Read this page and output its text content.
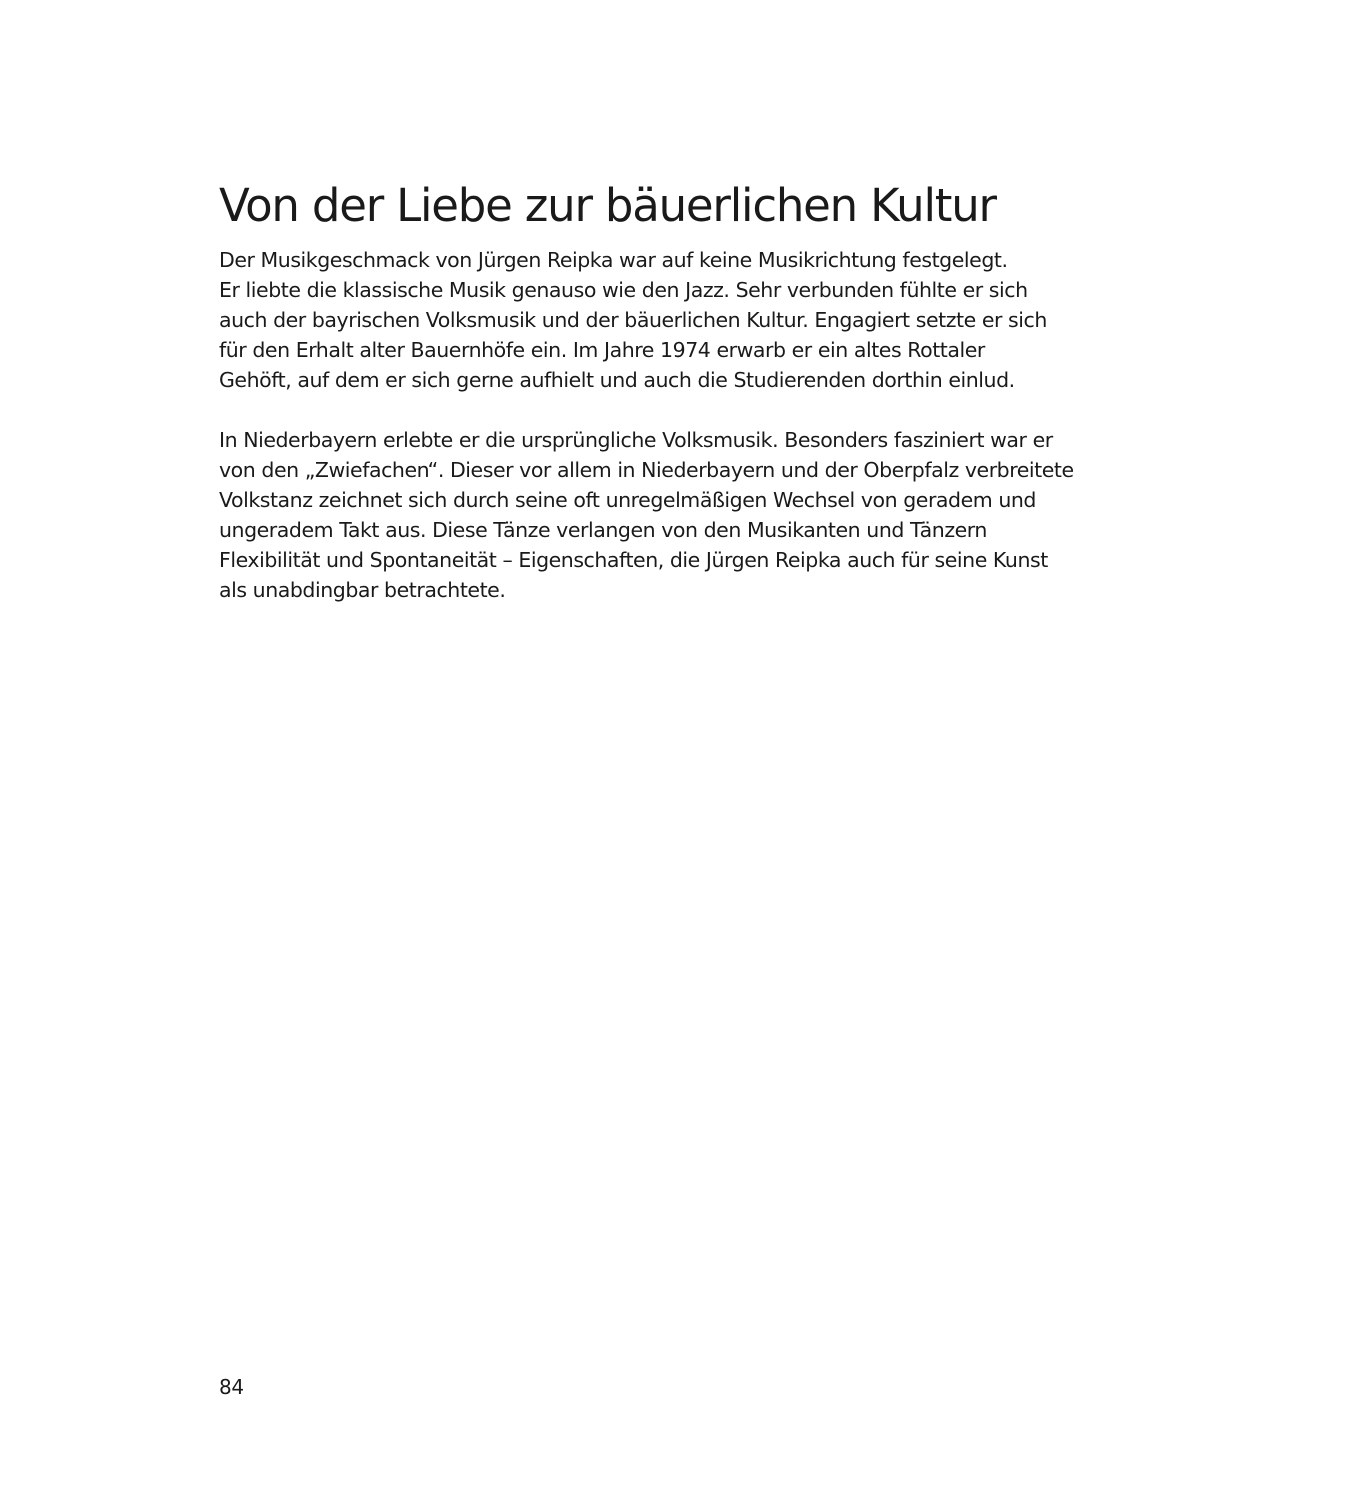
Von der Liebe zur bäuerlichen Kultur

Der Musikgeschmack von Jürgen Reipka war auf keine Musikrichtung festgelegt.
Er liebte die klassische Musik genauso wie den Jazz. Sehr verbunden fühlte er sich
auch der bayrischen Volksmusik und der bäuerlichen Kultur. Engagiert setzte er sich
für den Erhalt alter Bauernhöfe ein. Im Jahre 1974 erwarb er ein altes Rottaler
Gehöft, auf dem er sich gerne aufhielt und auch die Studierenden dorthin einlud.

In Niederbayern erlebte er die ursprüngliche Volksmusik. Besonders fasziniert war er
von den „Zwiefachen“. Dieser vor allem in Niederbayern und der Oberpfalz verbreitete
Volkstanz zeichnet sich durch seine oft unregelmäßigen Wechsel von geradem und
ungeradem Takt aus. Diese Tänze verlangen von den Musikanten und Tänzern
Flexibilität und Spontaneität – Eigenschaften, die Jürgen Reipka auch für seine Kunst
als unabdingbar betrachtete.

84
